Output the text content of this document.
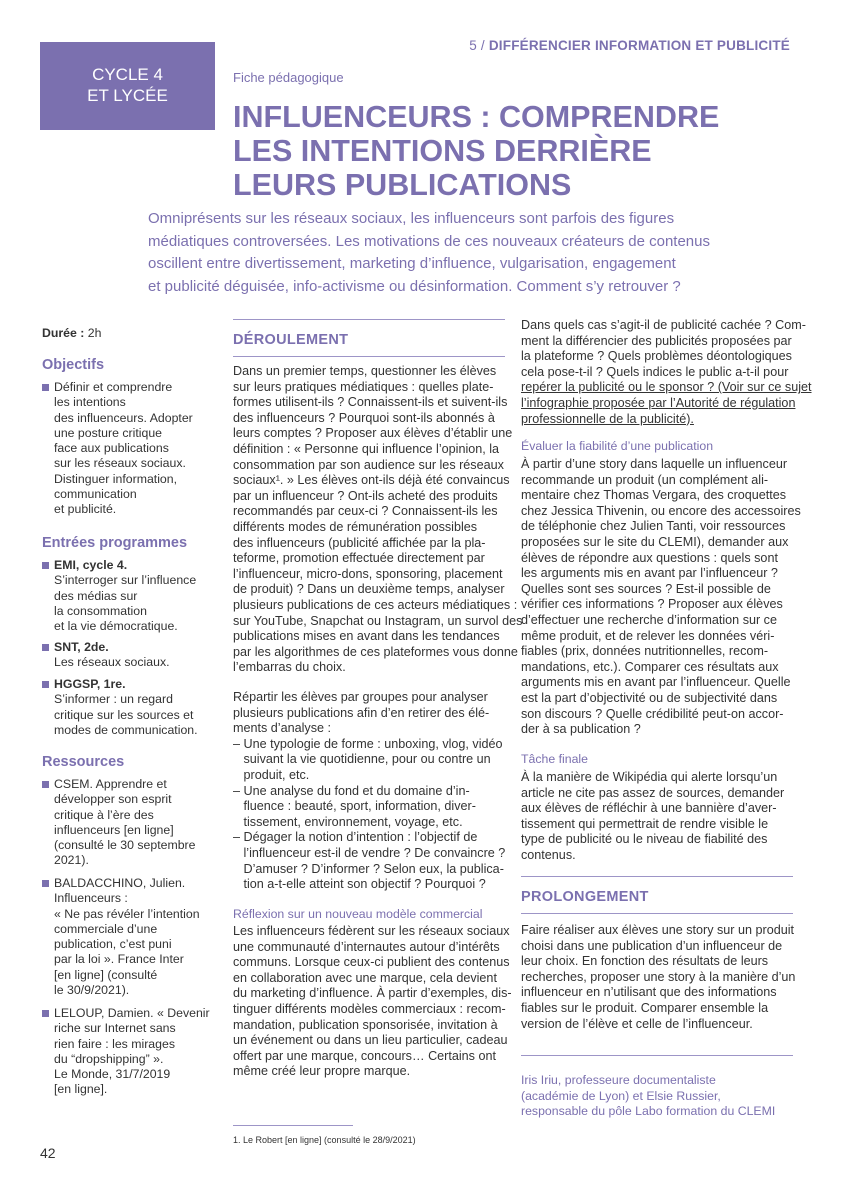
CYCLE 4
ET LYCÉE
5 / DIFFÉRENCIER INFORMATION ET PUBLICITÉ
Fiche pédagogique
INFLUENCEURS : COMPRENDRE
LES INTENTIONS DERRIÈRE
LEURS PUBLICATIONS
Omniprésents sur les réseaux sociaux, les influenceurs sont parfois des figures
médiatiques controversées. Les motivations de ces nouveaux créateurs de contenus
oscillent entre divertissement, marketing d’influence, vulgarisation, engagement
et publicité déguisée, info-activisme ou désinformation. Comment s’y retrouver ?
Durée : 2h
Objectifs
Définir et comprendre
les intentions
des influenceurs. Adopter
une posture critique
face aux publications
sur les réseaux sociaux.
Distinguer information,
communication
et publicité.
Entrées programmes
EMI, cycle 4.
S’interroger sur l’influence
des médias sur
la consommation
et la vie démocratique.
SNT, 2de.
Les réseaux sociaux.
HGGSP, 1re.
S’informer : un regard
critique sur les sources et
modes de communication.
Ressources
CSEM. Apprendre et
développer son esprit
critique à l’ère des
influenceurs [en ligne]
(consulté le 30 septembre
2021).
BALDACCHINO, Julien.
Influenceurs :
« Ne pas révéler l’intention
commerciale d’une
publication, c’est puni
par la loi ». France Inter
[en ligne] (consulté
le 30/9/2021).
LELOUP, Damien. « Devenir
riche sur Internet sans
rien faire : les mirages
du “dropshipping” ».
Le Monde, 31/7/2019
[en ligne].
DÉROULEMENT
Dans un premier temps, questionner les élèves
sur leurs pratiques médiatiques : quelles plate-
formes utilisent-ils ? Connaissent-ils et suivent-ils
des influenceurs ? Pourquoi sont-ils abonnés à
leurs comptes ? Proposer aux élèves d’établir une
définition : « Personne qui influence l’opinion, la
consommation par son audience sur les réseaux
sociaux¹. » Les élèves ont-ils déjà été convaincus
par un influenceur ? Ont-ils acheté des produits
recommandés par ceux-ci ? Connaissent-ils les
différents modes de rémunération possibles
des influenceurs (publicité affichée par la pla-
teforme, promotion effectuée directement par
l’influenceur, micro-dons, sponsoring, placement
de produit) ? Dans un deuxième temps, analyser
plusieurs publications de ces acteurs médiatiques :
sur YouTube, Snapchat ou Instagram, un survol des
publications mises en avant dans les tendances
par les algorithmes de ces plateformes vous donne
l’embarras du choix.
Répartir les élèves par groupes pour analyser
plusieurs publications afin d’en retirer des élé-
ments d’analyse :
– Une typologie de forme : unboxing, vlog, vidéo
suivant la vie quotidienne, pour ou contre un
produit, etc.
– Une analyse du fond et du domaine d’in-
fluence : beauté, sport, information, diver-
tissement, environnement, voyage, etc.
– Dégager la notion d’intention : l’objectif de
l’influenceur est-il de vendre ? De convaincre ?
D’amuser ? D’informer ? Selon eux, la publica-
tion a-t-elle atteint son objectif ? Pourquoi ?
Réflexion sur un nouveau modèle commercial
Les influenceurs fédèrent sur les réseaux sociaux
une communauté d’internautes autour d’intérêts
communs. Lorsque ceux-ci publient des contenus
en collaboration avec une marque, cela devient
du marketing d’influence. À partir d’exemples, dis-
tinguer différents modèles commerciaux : recom-
mandation, publication sponsorisée, invitation à
un événement ou dans un lieu particulier, cadeau
offert par une marque, concours… Certains ont
même créé leur propre marque.
1. Le Robert [en ligne] (consulté le 28/9/2021)
Dans quels cas s’agit-il de publicité cachée ? Com-
ment la différencier des publicités proposées par
la plateforme ? Quels problèmes déontologiques
cela pose-t-il ? Quels indices le public a-t-il pour
repérer la publicité ou le sponsor ? (Voir sur ce sujet
l’infographie proposée par l’Autorité de régulation
professionnelle de la publicité).
Évaluer la fiabilité d’une publication
À partir d’une story dans laquelle un influenceur
recommande un produit (un complément ali-
mentaire chez Thomas Vergara, des croquettes
chez Jessica Thivenin, ou encore des accessoires
de téléphonie chez Julien Tanti, voir ressources
proposées sur le site du CLEMI), demander aux
élèves de répondre aux questions : quels sont
les arguments mis en avant par l’influenceur ?
Quelles sont ses sources ? Est-il possible de
vérifier ces informations ? Proposer aux élèves
d’effectuer une recherche d’information sur ce
même produit, et de relever les données véri-
fiables (prix, données nutritionnelles, recom-
mandations, etc.). Comparer ces résultats aux
arguments mis en avant par l’influenceur. Quelle
est la part d’objectivité ou de subjectivité dans
son discours ? Quelle crédibilité peut-on accor-
der à sa publication ?
Tâche finale
À la manière de Wikipédia qui alerte lorsqu’un
article ne cite pas assez de sources, demander
aux élèves de réfléchir à une bannière d’aver-
tissement qui permettrait de rendre visible le
type de publicité ou le niveau de fiabilité des
contenus.
PROLONGEMENT
Faire réaliser aux élèves une story sur un produit
choisi dans une publication d’un influenceur de
leur choix. En fonction des résultats de leurs
recherches, proposer une story à la manière d’un
influenceur en n’utilisant que des informations
fiables sur le produit. Comparer ensemble la
version de l’élève et celle de l’influenceur.
Iris Iriu, professeure documentaliste
(académie de Lyon) et Elsie Russier,
responsable du pôle Labo formation du CLEMI
42
